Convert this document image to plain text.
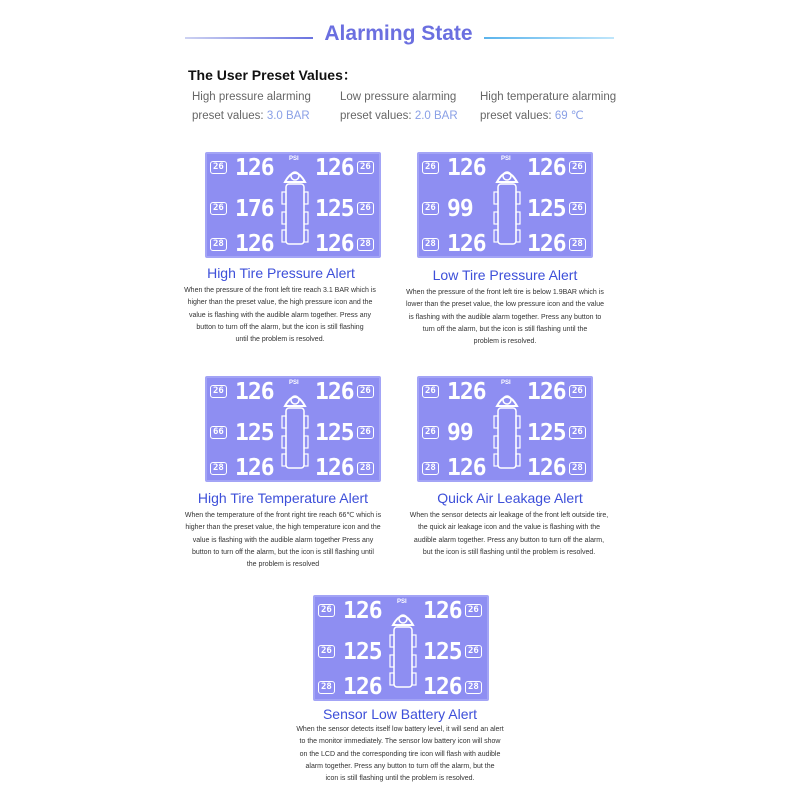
Alarming State
The User Preset Values：
High pressure alarming
preset values: 3.0 BAR
Low pressure alarming
preset values: 2.0 BAR
High temperature alarming
preset values: 69 ℃
26 126	PSI 126 26
26 176 125 26
28 126 126 28
26 126	PSI 126 26
26 99 125 26
28 126 126 28
26 126	PSI 126 26
66 125 125 26
28 126 126 28
26 126	PSI 126 26
26 99 125 26
28 126 126 28
26 126	PSI 126 26
26 125 125 26
28 126 126 28
High Tire Pressure Alert
When the pressure of the front left tire reach 3.1 BAR which is
higher than the preset value, the high pressure icon and the
value is flashing with the audible alarm together. Press any
button to turn off the alarm, but the icon is still flashing
until the problem is resolved.
Low Tire Pressure Alert
When the pressure of the front left tire is below 1.9BAR which is
lower than the preset value, the low pressure icon and the value
is flashing with the audible alarm together. Press any button to
turn off the alarm, but the icon is still flashing until the
problem is resolved.
High Tire Temperature Alert
When the temperature of the front right tire reach 66℃ which is
higher than the preset value, the high temperature icon and the
value is flashing with the audible alarm together Press any
button to turn off the alarm, but the icon is still flashing until
the problem is resolved
Quick Air Leakage Alert
When the sensor detects air leakage of the front left outside tire,
the quick air leakage icon and the value is flashing with the
audible alarm together. Press any button to turn off the alarm,
but the icon is still flashing until the problem is resolved.
Sensor Low Battery Alert
When the sensor detects itself low battery level, it will send an alert
to the monitor immediately. The sensor low battery icon will show
on the LCD and the corresponding tire icon will flash with audible
alarm together. Press any button to turn off the alarm, but the
icon is still flashing until the problem is resolved.
